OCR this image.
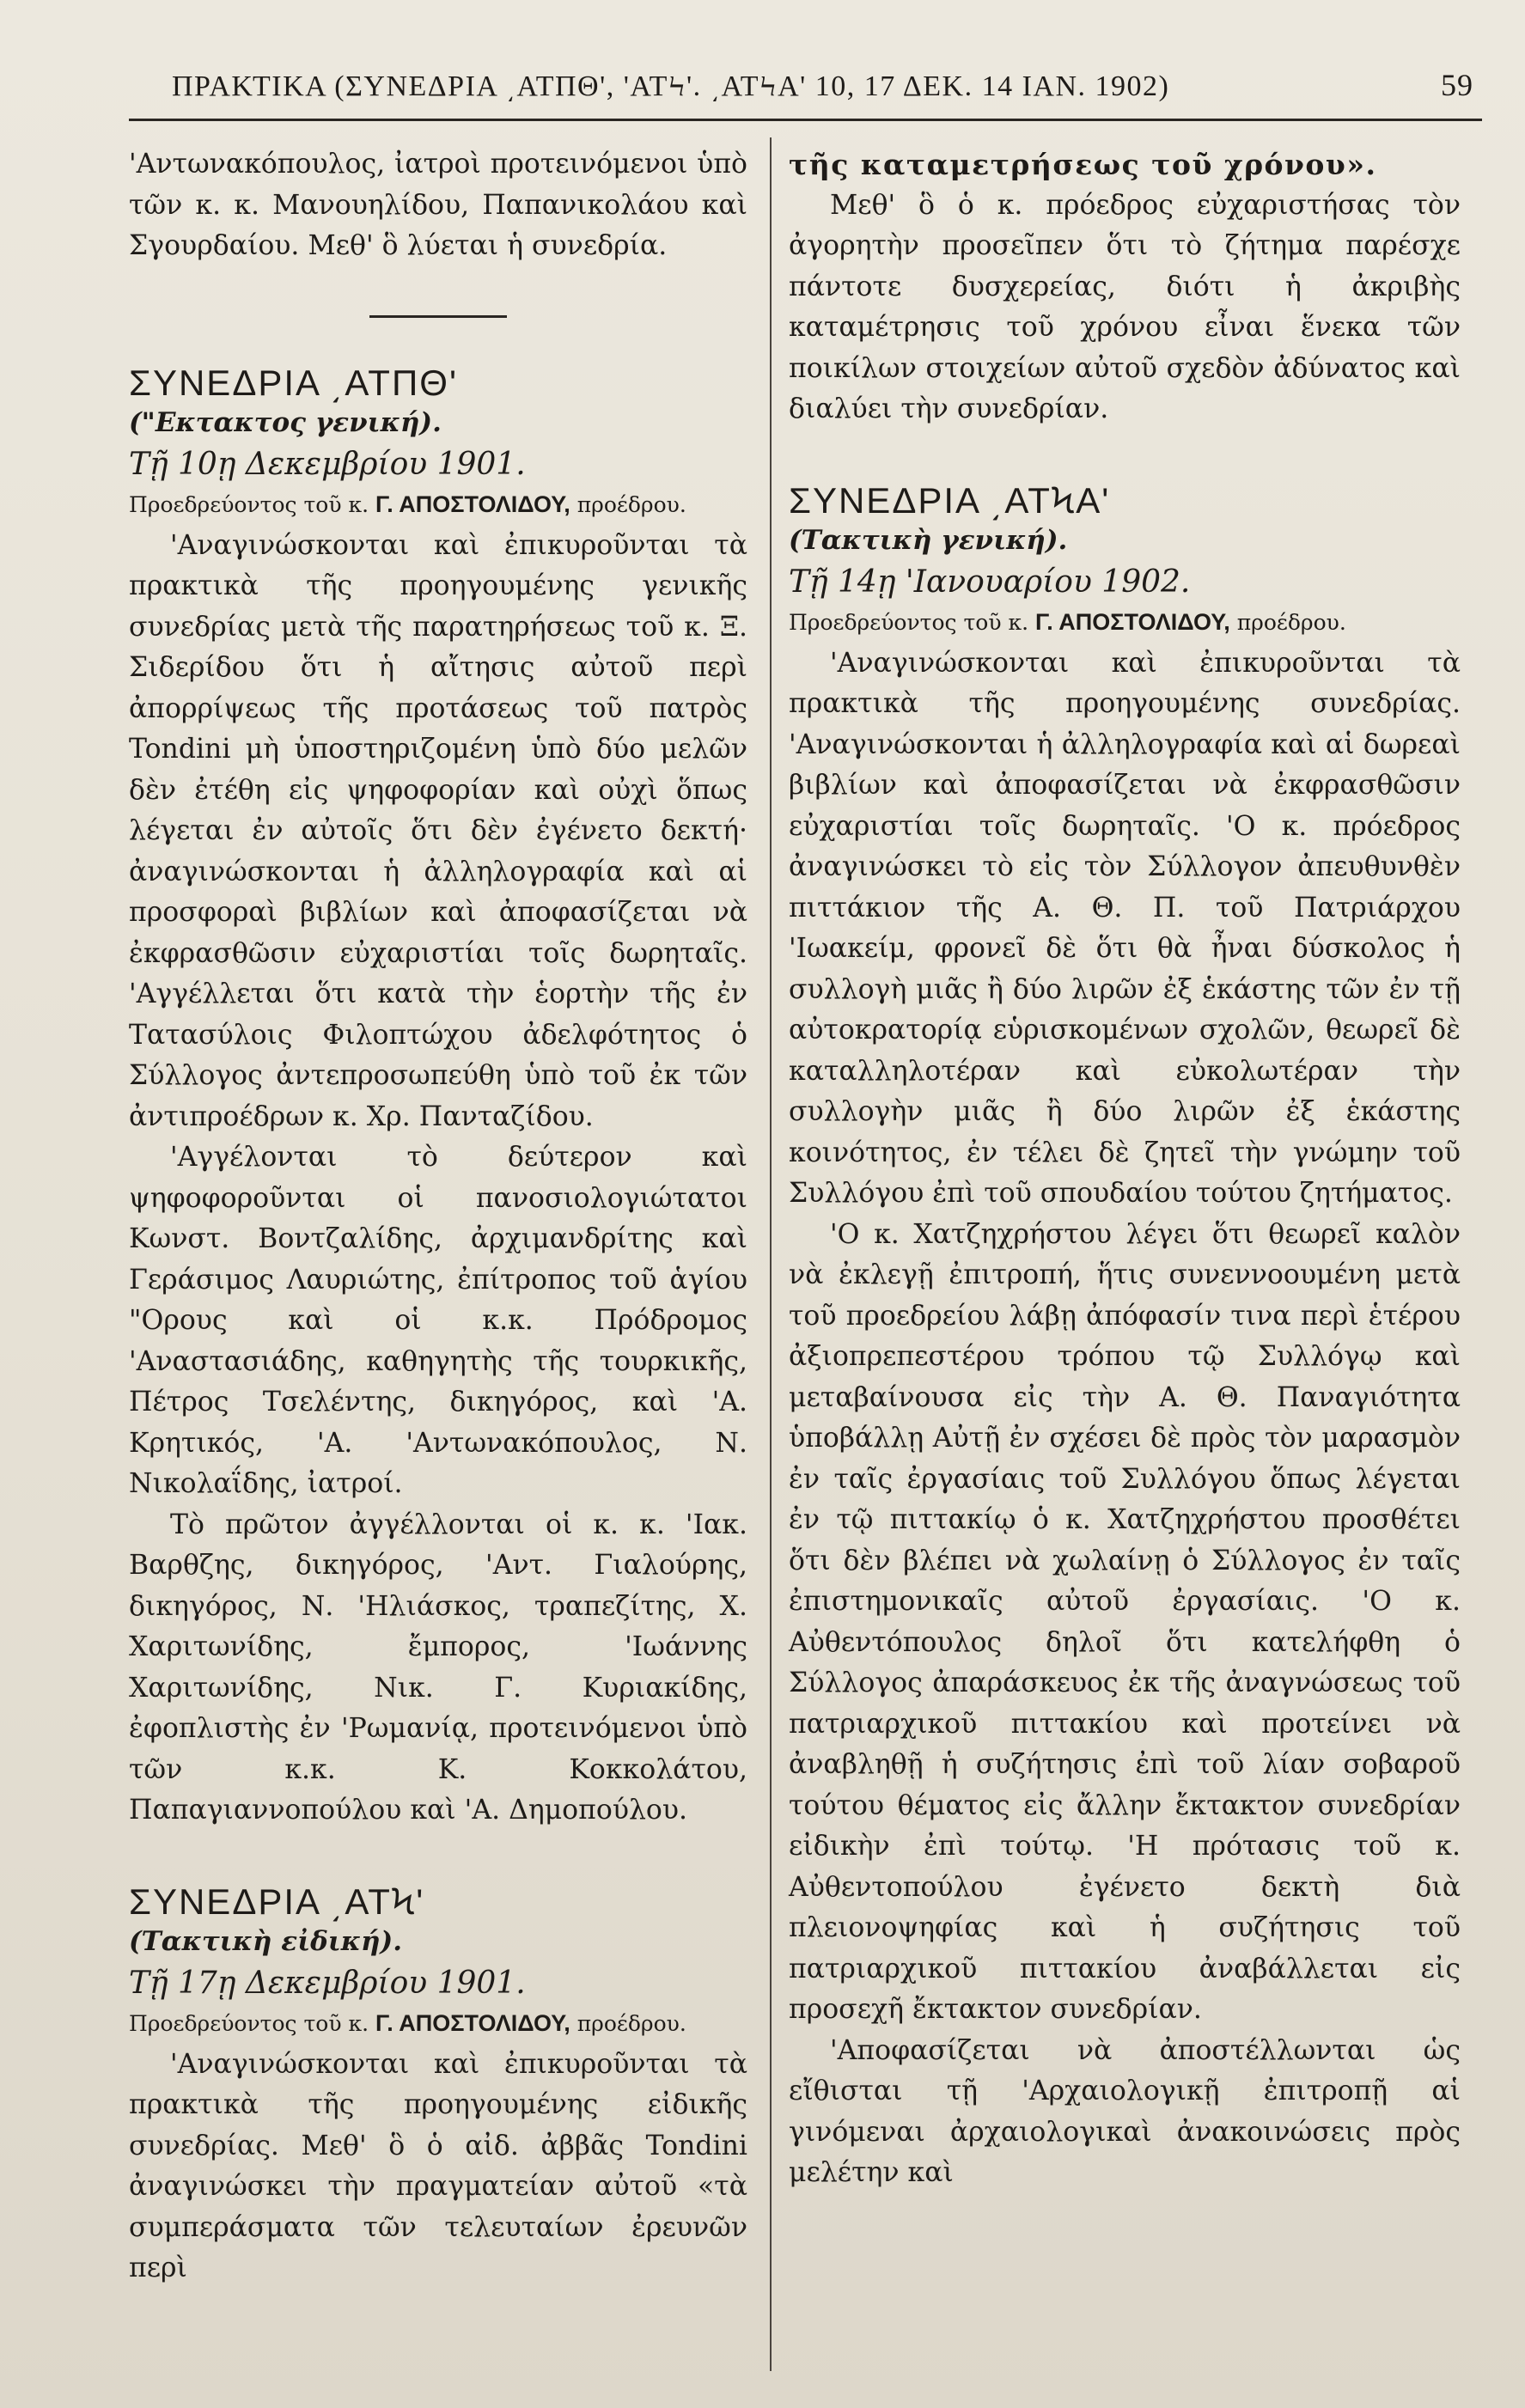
ΠΡΑΚΤΙΚΑ (ΣΥΝΕΔΡΙΑ ͵ΑΤΠΘ', 'ΑΤϞ'. ͵ΑΤϞΑ' 10, 17 ΔΕΚ. 14 ΙΑΝ. 1902)	59

'Αντωνακόπουλος, ἰατροὶ προτεινόμενοι ὑπὸ τῶν κ. κ. Μανουηλίδου, Παπανικολάου καὶ Σγουρδαίου. Μεθ' ὃ λύεται ἡ συνεδρία.

ΣΥΝΕΔΡΙΑ ͵ΑΤΠΘ'

("Εκτακτος γενική).

Τῇ 10ῃ Δεκεμβρίου 1901.

Προεδρεύοντος τοῦ κ. Γ. ΑΠΟΣΤΟΛΙΔΟΥ, προέδρου.

'Αναγινώσκονται καὶ ἐπικυροῦνται τὰ πρακτικὰ τῆς προηγουμένης γενικῆς συνεδρίας μετὰ τῆς παρατηρήσεως τοῦ κ. Ξ. Σιδερίδου ὅτι ἡ αἴτησις αὐτοῦ περὶ ἀπορρίψεως τῆς προτάσεως τοῦ πατρὸς Tondini μὴ ὑποστηριζομένη ὑπὸ δύο μελῶν δὲν ἐτέθη εἰς ψηφοφορίαν καὶ οὐχὶ ὅπως λέγεται ἐν αὐτοῖς ὅτι δὲν ἐγένετο δεκτή· ἀναγινώσκονται ἡ ἀλληλογραφία καὶ αἱ προσφοραὶ βιβλίων καὶ ἀποφασίζεται νὰ ἐκφρασθῶσιν εὐχαριστίαι τοῖς δωρηταῖς. 'Αγγέλλεται ὅτι κατὰ τὴν ἑορτὴν τῆς ἐν Τατασύλοις Φιλοπτώχου ἀδελφότητος ὁ Σύλλογος ἀντεπροσωπεύθη ὑπὸ τοῦ ἐκ τῶν ἀντιπροέδρων κ. Χρ. Πανταζίδου.

'Αγγέλονται τὸ δεύτερον καὶ ψηφοφοροῦνται οἱ πανοσιολογιώτατοι Κωνστ. Βοντζαλίδης, ἀρχιμανδρίτης καὶ Γεράσιμος Λαυριώτης, ἐπίτροπος τοῦ ἁγίου "Ορους καὶ οἱ κ.κ. Πρόδρομος 'Αναστασιάδης, καθηγητὴς τῆς τουρκικῆς, Πέτρος Τσελέντης, δικηγόρος, καὶ 'Α. Κρητικός, 'Α. 'Αντωνακόπουλος, Ν. Νικολαΐδης, ἰατροί.

Τὸ πρῶτον ἀγγέλλονται οἱ κ. κ. 'Ιακ. Βαρθζης, δικηγόρος, 'Αντ. Γιαλούρης, δικηγόρος, Ν. 'Ηλιάσκος, τραπεζίτης, Χ. Χαριτωνίδης, ἔμπορος, 'Ιωάννης Χαριτωνίδης, Νικ. Γ. Κυριακίδης, ἐφοπλιστὴς ἐν 'Ρωμανίᾳ, προτεινόμενοι ὑπὸ τῶν κ.κ. Κ. Κοκκολάτου, Παπαγιαννοπούλου καὶ 'Α. Δημοπούλου.

ΣΥΝΕΔΡΙΑ ͵ΑΤϞ'

(Τακτικὴ εἰδική).

Τῇ 17ῃ Δεκεμβρίου 1901.

Προεδρεύοντος τοῦ κ. Γ. ΑΠΟΣΤΟΛΙΔΟΥ, προέδρου.

'Αναγινώσκονται καὶ ἐπικυροῦνται τὰ πρακτικὰ τῆς προηγουμένης εἰδικῆς συνεδρίας. Μεθ' ὃ ὁ αἰδ. ἀββᾶς Tondini ἀναγινώσκει τὴν πραγματείαν αὐτοῦ «τὰ συμπεράσματα τῶν τελευταίων ἐρευνῶν περὶ

τῆς καταμετρήσεως τοῦ χρόνου».

Μεθ' ὃ ὁ κ. πρόεδρος εὐχαριστήσας τὸν ἀγορητὴν προσεῖπεν ὅτι τὸ ζήτημα παρέσχε πάντοτε δυσχερείας, διότι ἡ ἀκριβὴς καταμέτρησις τοῦ χρόνου εἶναι ἕνεκα τῶν ποικίλων στοιχείων αὐτοῦ σχεδὸν ἀδύνατος καὶ διαλύει τὴν συνεδρίαν.

ΣΥΝΕΔΡΙΑ ͵ΑΤϞΑ'

(Τακτικὴ γενική).

Τῇ 14ῃ 'Ιανουαρίου 1902.

Προεδρεύοντος τοῦ κ. Γ. ΑΠΟΣΤΟΛΙΔΟΥ, προέδρου.

'Αναγινώσκονται καὶ ἐπικυροῦνται τὰ πρακτικὰ τῆς προηγουμένης συνεδρίας. 'Αναγινώσκονται ἡ ἀλληλογραφία καὶ αἱ δωρεαὶ βιβλίων καὶ ἀποφασίζεται νὰ ἐκφρασθῶσιν εὐχαριστίαι τοῖς δωρηταῖς. 'Ο κ. πρόεδρος ἀναγινώσκει τὸ εἰς τὸν Σύλλογον ἀπευθυνθὲν πιττάκιον τῆς Α. Θ. Π. τοῦ Πατριάρχου 'Ιωακείμ, φρονεῖ δὲ ὅτι θὰ ἦναι δύσκολος ἡ συλλογὴ μιᾶς ἢ δύο λιρῶν ἐξ ἑκάστης τῶν ἐν τῇ αὐτοκρατορίᾳ εὑρισκομένων σχολῶν, θεωρεῖ δὲ καταλληλοτέραν καὶ εὐκολωτέραν τὴν συλλογὴν μιᾶς ἢ δύο λιρῶν ἐξ ἑκάστης κοινότητος, ἐν τέλει δὲ ζητεῖ τὴν γνώμην τοῦ Συλλόγου ἐπὶ τοῦ σπουδαίου τούτου ζητήματος.

'Ο κ. Χατζηχρήστου λέγει ὅτι θεωρεῖ καλὸν νὰ ἐκλεγῇ ἐπιτροπή, ἥτις συνεννοουμένη μετὰ τοῦ προεδρείου λάβῃ ἀπόφασίν τινα περὶ ἑτέρου ἀξιοπρεπεστέρου τρόπου τῷ Συλλόγῳ καὶ μεταβαίνουσα εἰς τὴν Α. Θ. Παναγιότητα ὑποβάλλῃ Αὐτῇ ἐν σχέσει δὲ πρὸς τὸν μαρασμὸν ἐν ταῖς ἐργασίαις τοῦ Συλλόγου ὅπως λέγεται ἐν τῷ πιττακίῳ ὁ κ. Χατζηχρήστου προσθέτει ὅτι δὲν βλέπει νὰ χωλαίνῃ ὁ Σύλλογος ἐν ταῖς ἐπιστημονικαῖς αὐτοῦ ἐργασίαις. 'Ο κ. Αὐθεντόπουλος δηλοῖ ὅτι κατελήφθη ὁ Σύλλογος ἀπαράσκευος ἐκ τῆς ἀναγνώσεως τοῦ πατριαρχικοῦ πιττακίου καὶ προτείνει νὰ ἀναβληθῇ ἡ συζήτησις ἐπὶ τοῦ λίαν σοβαροῦ τούτου θέματος εἰς ἄλλην ἔκτακτον συνεδρίαν εἰδικὴν ἐπὶ τούτῳ. 'Η πρότασις τοῦ κ. Αὐθεντοπούλου ἐγένετο δεκτὴ διὰ πλειονοψηφίας καὶ ἡ συζήτησις τοῦ πατριαρχικοῦ πιττακίου ἀναβάλλεται εἰς προσεχῆ ἔκτακτον συνεδρίαν.

'Αποφασίζεται νὰ ἀποστέλλωνται ὡς εἴθισται τῇ 'Αρχαιολογικῇ ἐπιτροπῇ αἱ γινόμεναι ἀρχαιολογικαὶ ἀνακοινώσεις πρὸς μελέτην καὶ
